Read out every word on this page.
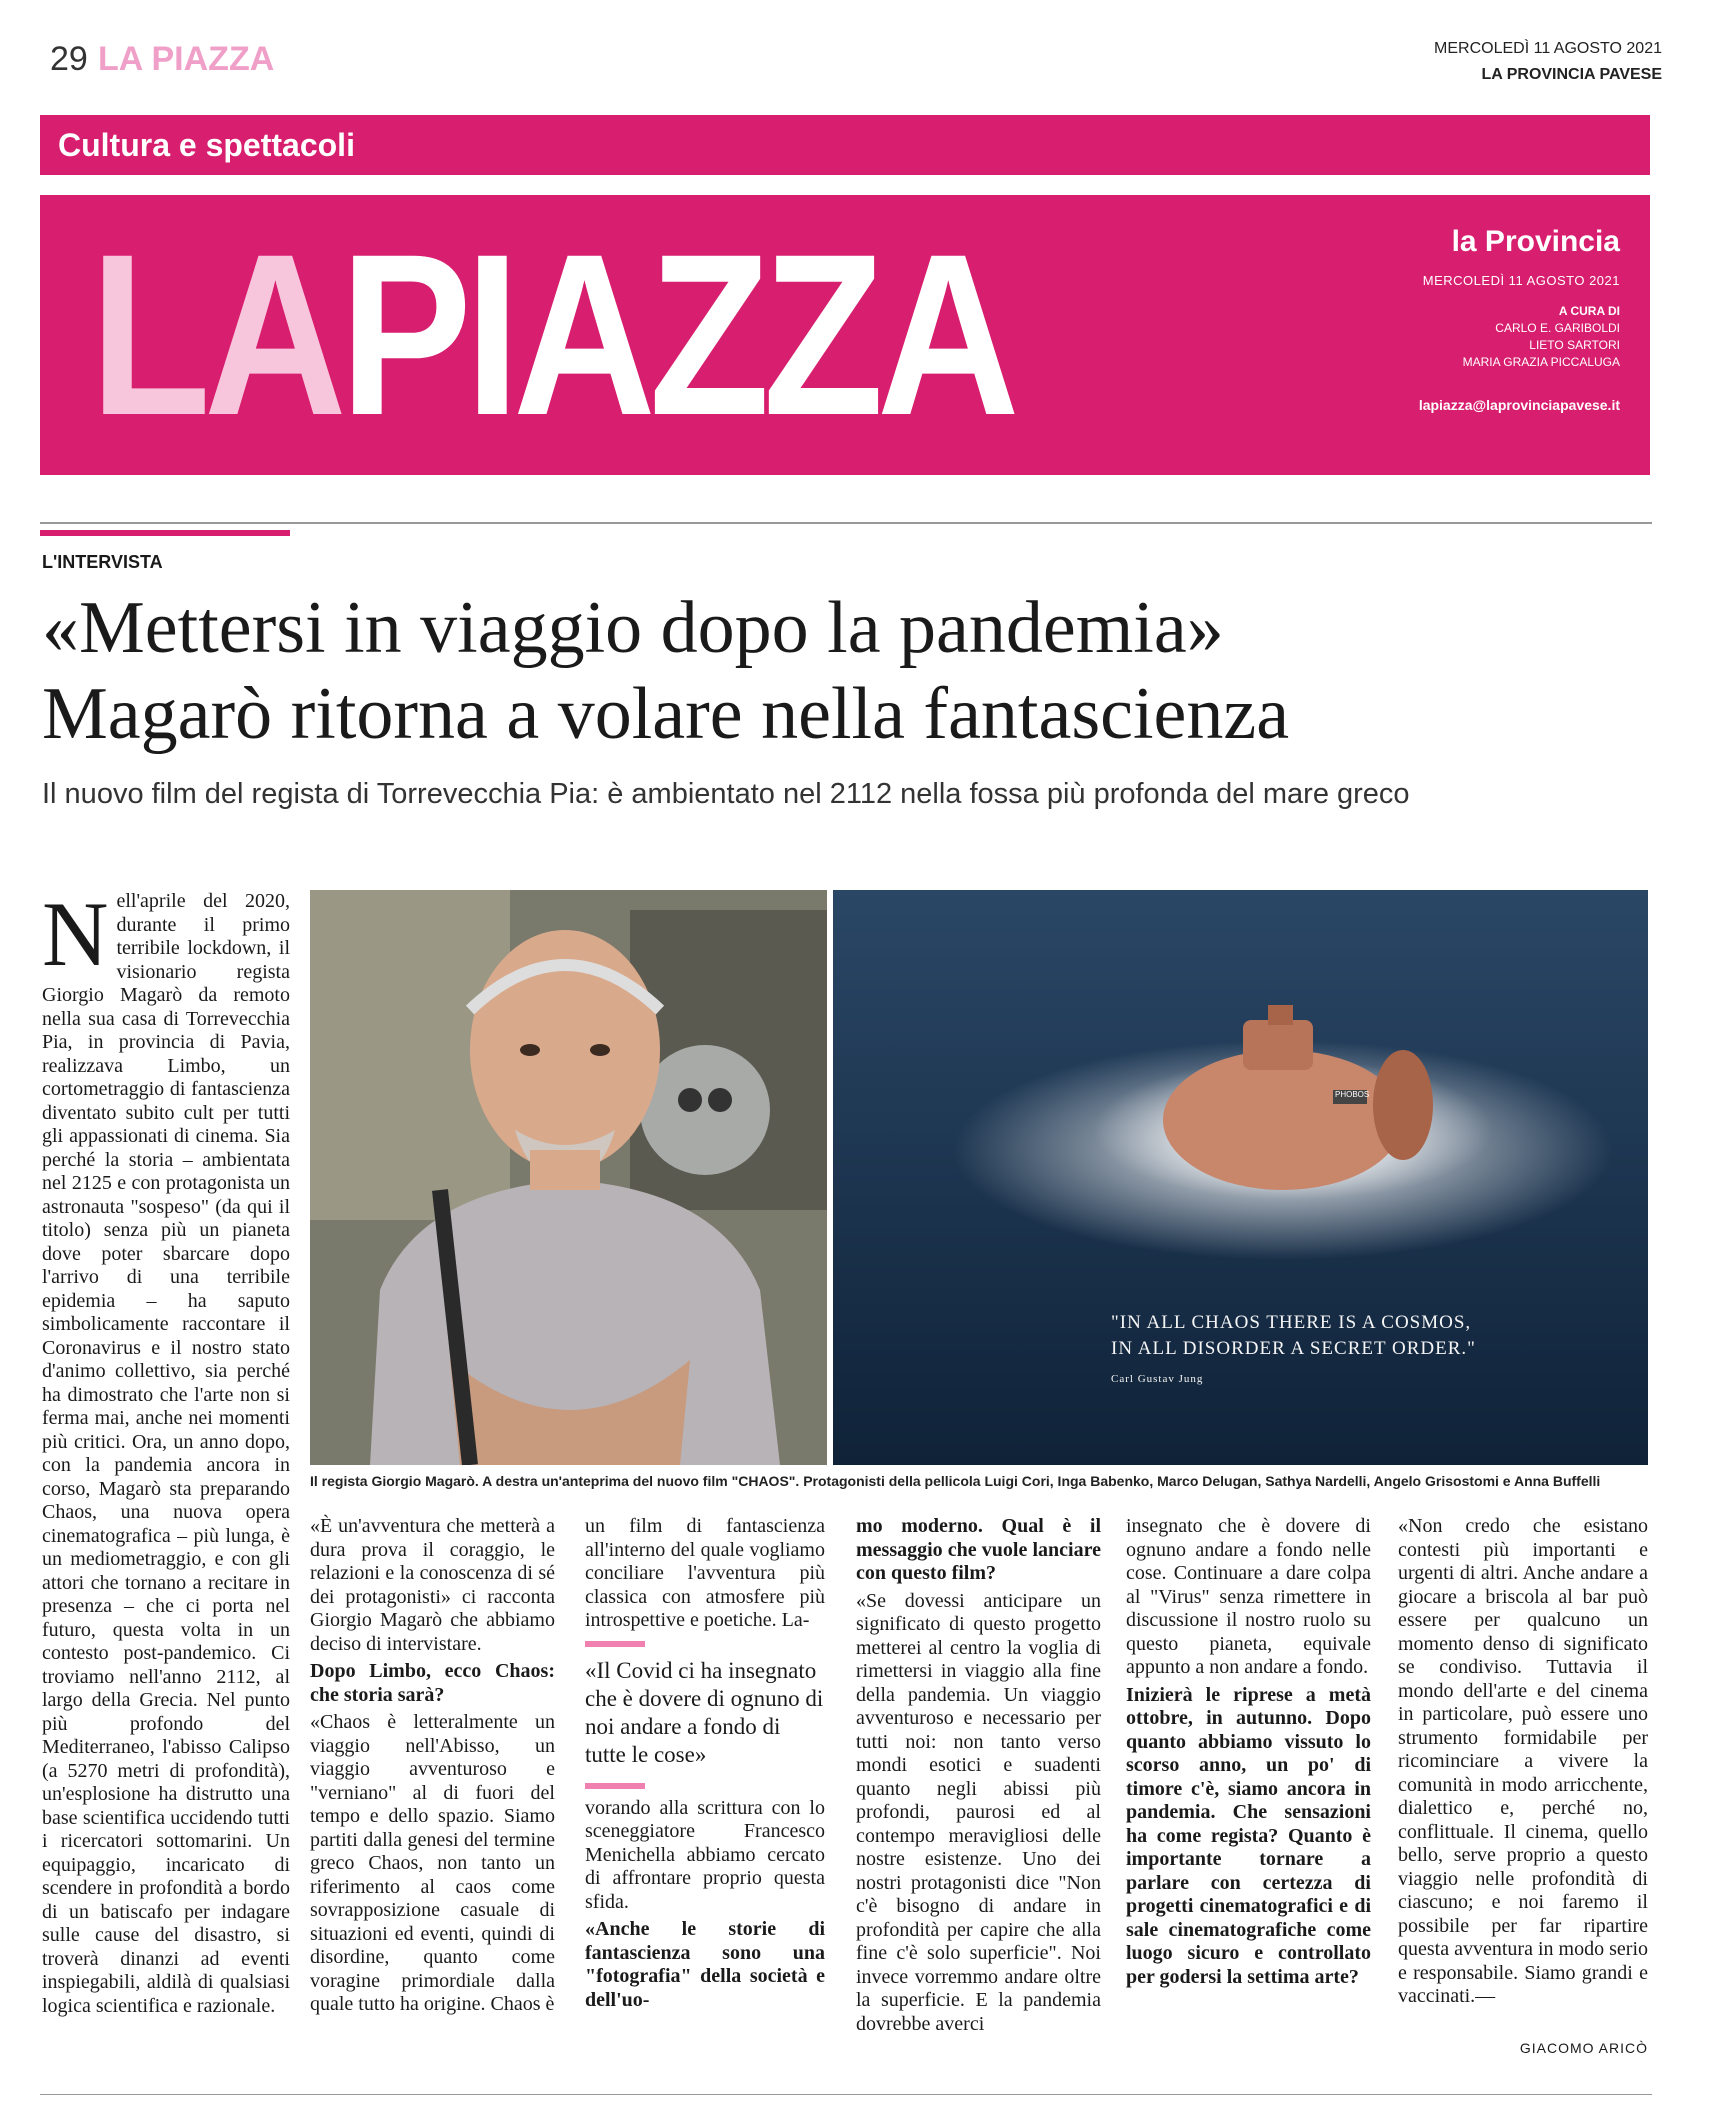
29 LA PIAZZA	MERCOLEDÌ 11 AGOSTO 2021
LA PROVINCIA PAVESE
Cultura e spettacoli
LAPIAZZA	la Provincia
MERCOLEDÌ 11 AGOSTO 2021
A CURA DI
CARLO E. GARIBOLDI
LIETO SARTORI
MARIA GRAZIA PICCALUGA
lapiazza@laprovinciapavese.it
L'INTERVISTA
«Mettersi in viaggio dopo la pandemia»
Magarò ritorna a volare nella fantascienza
Il nuovo film del regista di Torrevecchia Pia: è ambientato nel 2112 nella fossa più profonda del mare greco
N ell'aprile del 2020, durante il primo terribile lockdown, il visionario regista Giorgio Magarò da remoto nella sua casa di Torrevecchia Pia, in provincia di Pavia, realizzava Limbo, un cortometraggio di fantascienza diventato subito cult per tutti gli appassionati di cinema. Sia perché la storia – ambientata nel 2125 e con protagonista un astronauta "sospeso" (da qui il titolo) senza più un pianeta dove poter sbarcare dopo l'arrivo di una terribile epidemia – ha saputo simbolicamente raccontare il Coronavirus e il nostro stato d'animo collettivo, sia perché ha dimostrato che l'arte non si ferma mai, anche nei momenti più critici. Ora, un anno dopo, con la pandemia ancora in corso, Magarò sta preparando Chaos, una nuova opera cinematografica – più lunga, è un mediometraggio, e con gli attori che tornano a recitare in presenza – che ci porta nel futuro, questa volta in un contesto post-pandemico. Ci troviamo nell'anno 2112, al largo della Grecia. Nel punto più profondo del Mediterraneo, l'abisso Calipso (a 5270 metri di profondità), un'esplosione ha distrutto una base scientifica uccidendo tutti i ricercatori sottomarini. Un equipaggio, incaricato di scendere in profondità a bordo di un batiscafo per indagare sulle cause del disastro, si troverà dinanzi ad eventi inspiegabili, aldilà di qualsiasi logica scientifica e razionale.
PHOBOS
"IN ALL CHAOS THERE IS A COSMOS,
IN ALL DISORDER A SECRET ORDER."
Carl Gustav Jung
Il regista Giorgio Magarò. A destra un'anteprima del nuovo film "CHAOS". Protagonisti della pellicola Luigi Cori, Inga Babenko, Marco Delugan, Sathya Nardelli, Angelo Grisostomi e Anna Buffelli

«È un'avventura che metterà a dura prova il coraggio, le relazioni e la conoscenza di sé dei protagonisti» ci racconta Giorgio Magarò che abbiamo deciso di intervistare.

Dopo Limbo, ecco Chaos: che storia sarà?

«Chaos è letteralmente un viaggio nell'Abisso, un viaggio avventuroso e "verniano" al di fuori del tempo e dello spazio. Siamo partiti dalla genesi del termine greco Chaos, non tanto un riferimento al caos come sovrapposizione casuale di situazioni ed eventi, quindi di disordine, quanto come voragine primordiale dalla quale tutto ha origine. Chaos è

un film di fantascienza all'interno del quale vogliamo conciliare l'avventura più classica con atmosfere più introspettive e poetiche. La-

«Il Covid ci ha insegnato che è dovere di ognuno di noi andare a fondo di tutte le cose»

vorando alla scrittura con lo sceneggiatore Francesco Menichella abbiamo cercato di affrontare proprio questa sfida.

«Anche le storie di fantascienza sono una "fotografia" della società e dell'uo-

mo moderno. Qual è il messaggio che vuole lanciare con questo film?

«Se dovessi anticipare un significato di questo progetto metterei al centro la voglia di rimettersi in viaggio alla fine della pandemia. Un viaggio avventuroso e necessario per tutti noi: non tanto verso mondi esotici e suadenti quanto negli abissi più profondi, paurosi ed al contempo meravigliosi delle nostre esistenze. Uno dei nostri protagonisti dice "Non c'è bisogno di andare in profondità per capire che alla fine c'è solo superficie". Noi invece vorremmo andare oltre la superficie. E la pandemia dovrebbe averci

insegnato che è dovere di ognuno andare a fondo nelle cose. Continuare a dare colpa al "Virus" senza rimettere in discussione il nostro ruolo su questo pianeta, equivale appunto a non andare a fondo.

Inizierà le riprese a metà ottobre, in autunno. Dopo quanto abbiamo vissuto lo scorso anno, un po' di timore c'è, siamo ancora in pandemia. Che sensazioni ha come regista? Quanto è importante tornare a parlare con certezza di progetti cinematografici e di sale cinematografiche come luogo sicuro e controllato per godersi la settima arte?

«Non credo che esistano contesti più importanti e urgenti di altri. Anche andare a giocare a briscola al bar può essere per qualcuno un momento denso di significato se condiviso. Tuttavia il mondo dell'arte e del cinema in particolare, può essere uno strumento formidabile per ricominciare a vivere la comunità in modo arricchente, dialettico e, perché no, conflittuale. Il cinema, quello bello, serve proprio a questo viaggio nelle profondità di ciascuno; e noi faremo il possibile per far ripartire questa avventura in modo serio e responsabile. Siamo grandi e vaccinati.—

GIACOMO ARICÒ
